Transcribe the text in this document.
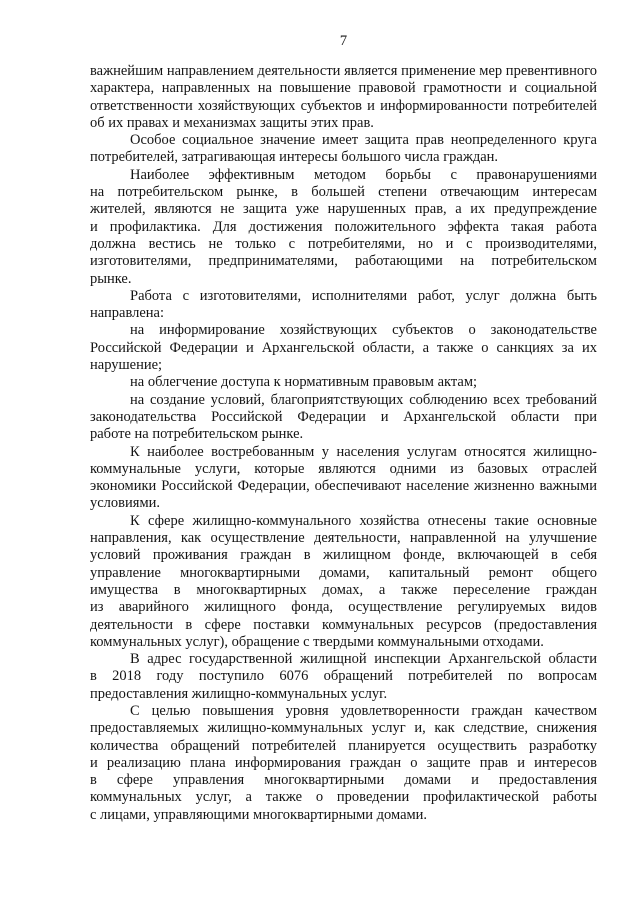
7
важнейшим направлением деятельности является применение мер превентивного
характера, направленных на повышение правовой грамотности и социальной
ответственности хозяйствующих субъектов и информированности потребителей
об их правах и механизмах защиты этих прав.
Особое социальное значение имеет защита прав неопределенного круга
потребителей, затрагивающая интересы большого числа граждан.
Наиболее эффективным методом борьбы с правонарушениями
на потребительском рынке, в большей степени отвечающим интересам
жителей, являются не защита уже нарушенных прав, а их предупреждение
и профилактика. Для достижения положительного эффекта такая работа
должна вестись не только с потребителями, но и с производителями,
изготовителями, предпринимателями, работающими на потребительском
рынке.
Работа с изготовителями, исполнителями работ, услуг должна быть
направлена:
на информирование хозяйствующих субъектов о законодательстве
Российской Федерации и Архангельской области, а также о санкциях за их
нарушение;
на облегчение доступа к нормативным правовым актам;
на создание условий, благоприятствующих соблюдению всех требований
законодательства Российской Федерации и Архангельской области при
работе на потребительском рынке.
К наиболее востребованным у населения услугам относятся жилищно-
коммунальные услуги, которые являются одними из базовых отраслей
экономики Российской Федерации, обеспечивают население жизненно важными
условиями.
К сфере жилищно-коммунального хозяйства отнесены такие основные
направления, как осуществление деятельности, направленной на улучшение
условий проживания граждан в жилищном фонде, включающей в себя
управление многоквартирными домами, капитальный ремонт общего
имущества в многоквартирных домах, а также переселение граждан
из аварийного жилищного фонда, осуществление регулируемых видов
деятельности в сфере поставки коммунальных ресурсов (предоставления
коммунальных услуг), обращение с твердыми коммунальными отходами.
В адрес государственной жилищной инспекции Архангельской области
в 2018 году поступило 6076 обращений потребителей по вопросам
предоставления жилищно-коммунальных услуг.
С целью повышения уровня удовлетворенности граждан качеством
предоставляемых жилищно-коммунальных услуг и, как следствие, снижения
количества обращений потребителей планируется осуществить разработку
и реализацию плана информирования граждан о защите прав и интересов
в сфере управления многоквартирными домами и предоставления
коммунальных услуг, а также о проведении профилактической работы
с лицами, управляющими многоквартирными домами.
